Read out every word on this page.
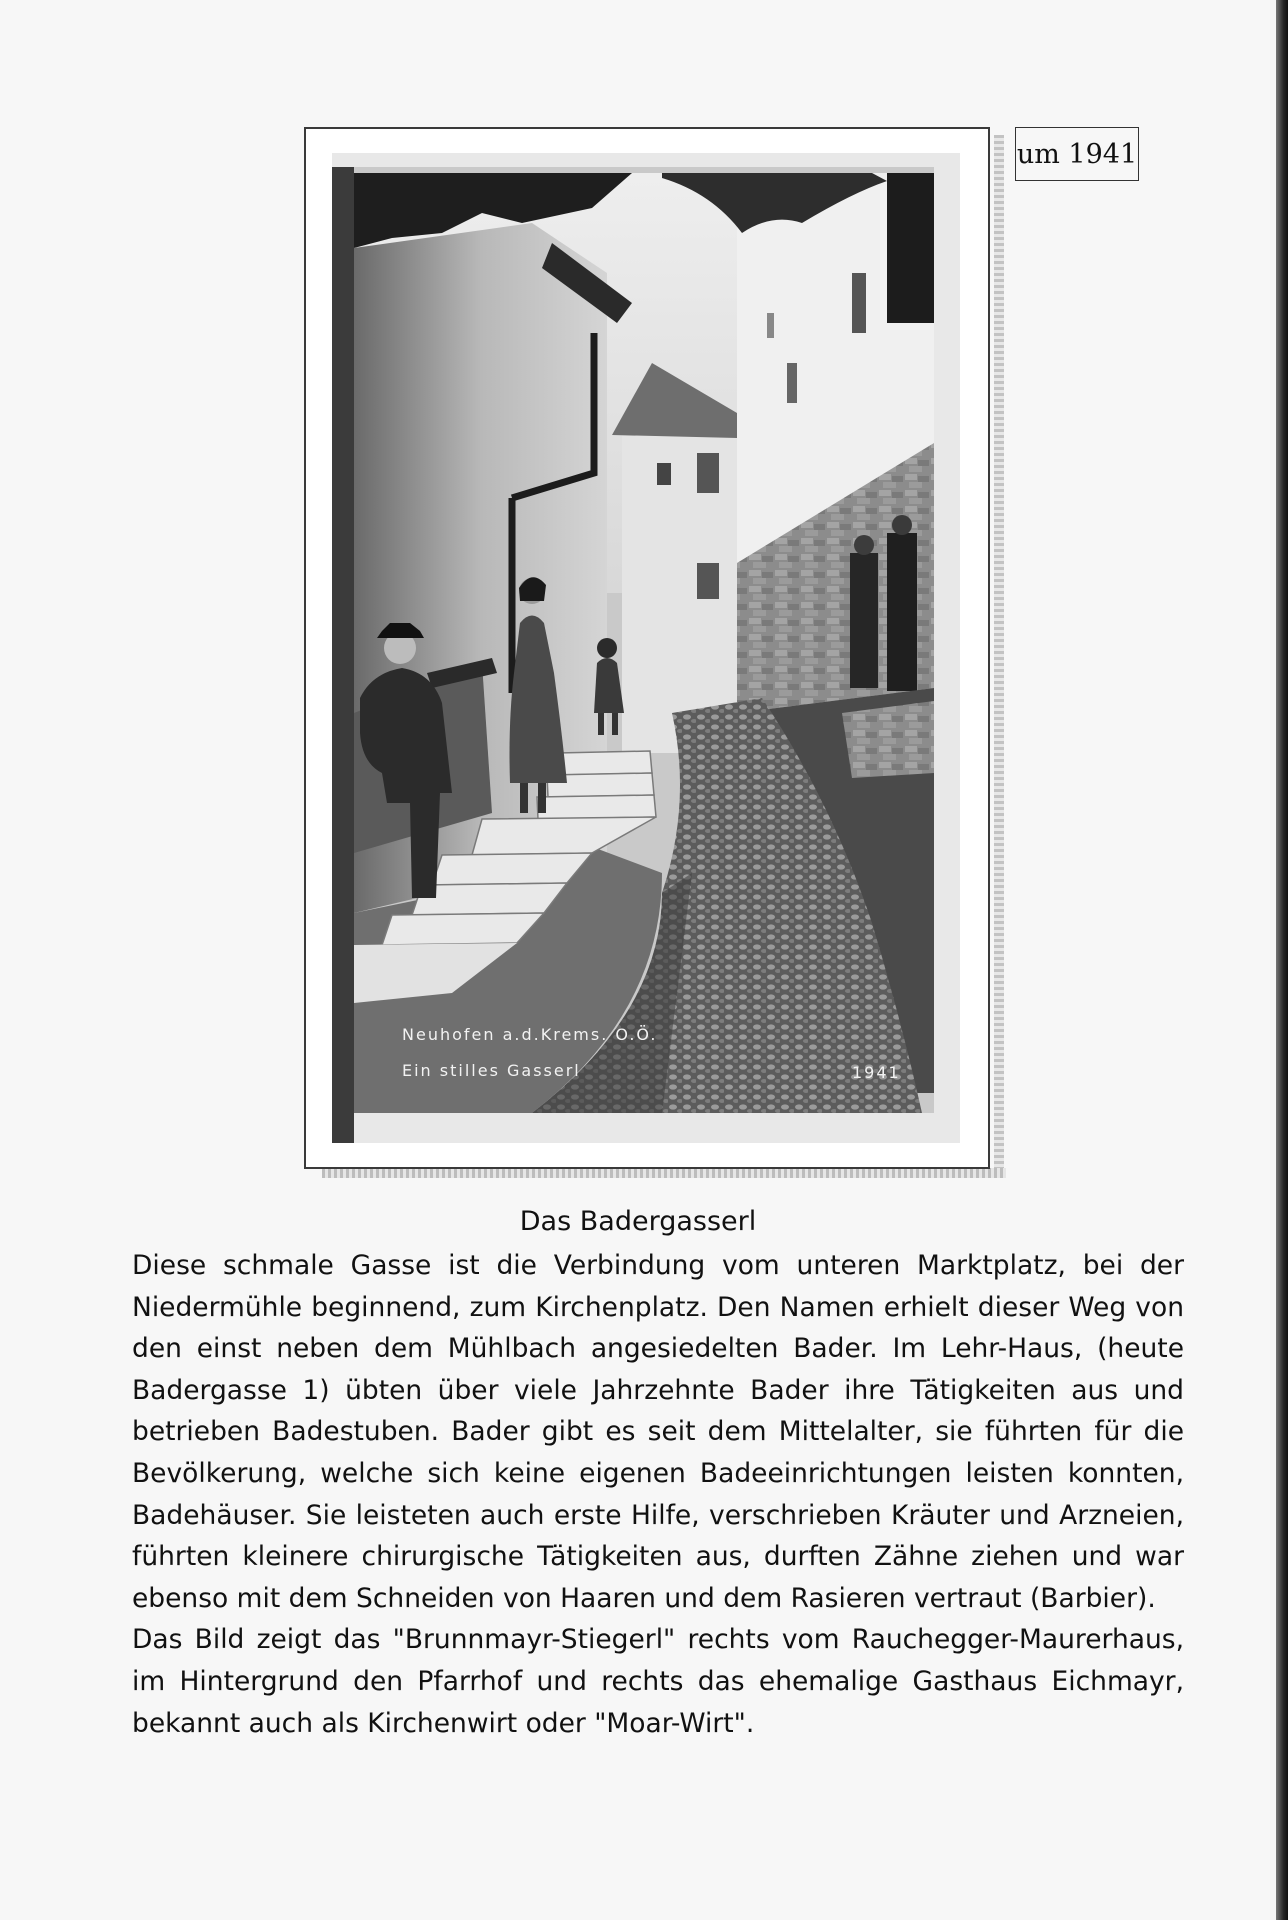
Neuhofen a.d.Krems. O.Ö.
Ein stilles Gasserl	1941
um 1941
Das Badergasserl

Diese schmale Gasse ist die Verbindung vom unteren Marktplatz, bei der Niedermühle beginnend, zum Kirchenplatz. Den Namen erhielt dieser Weg von den einst neben dem Mühlbach angesiedelten Bader. Im Lehr-Haus, (heute Badergasse 1) übten über viele Jahrzehnte Bader ihre Tätigkeiten aus und betrieben Badestuben. Bader gibt es seit dem Mittelalter, sie führten für die Bevölkerung, welche sich keine eigenen Badeeinrichtungen leisten konnten, Badehäuser. Sie leisteten auch erste Hilfe, verschrieben Kräuter und Arzneien, führten kleinere chirurgische Tätigkeiten aus, durften Zähne ziehen und war ebenso mit dem Schneiden von Haaren und dem Rasieren vertraut (Barbier).

Das Bild zeigt das "Brunnmayr-Stiegerl" rechts vom Rauchegger-Maurerhaus, im Hintergrund den Pfarrhof und rechts das ehemalige Gasthaus Eichmayr, bekannt auch als Kirchenwirt oder "Moar-Wirt".
